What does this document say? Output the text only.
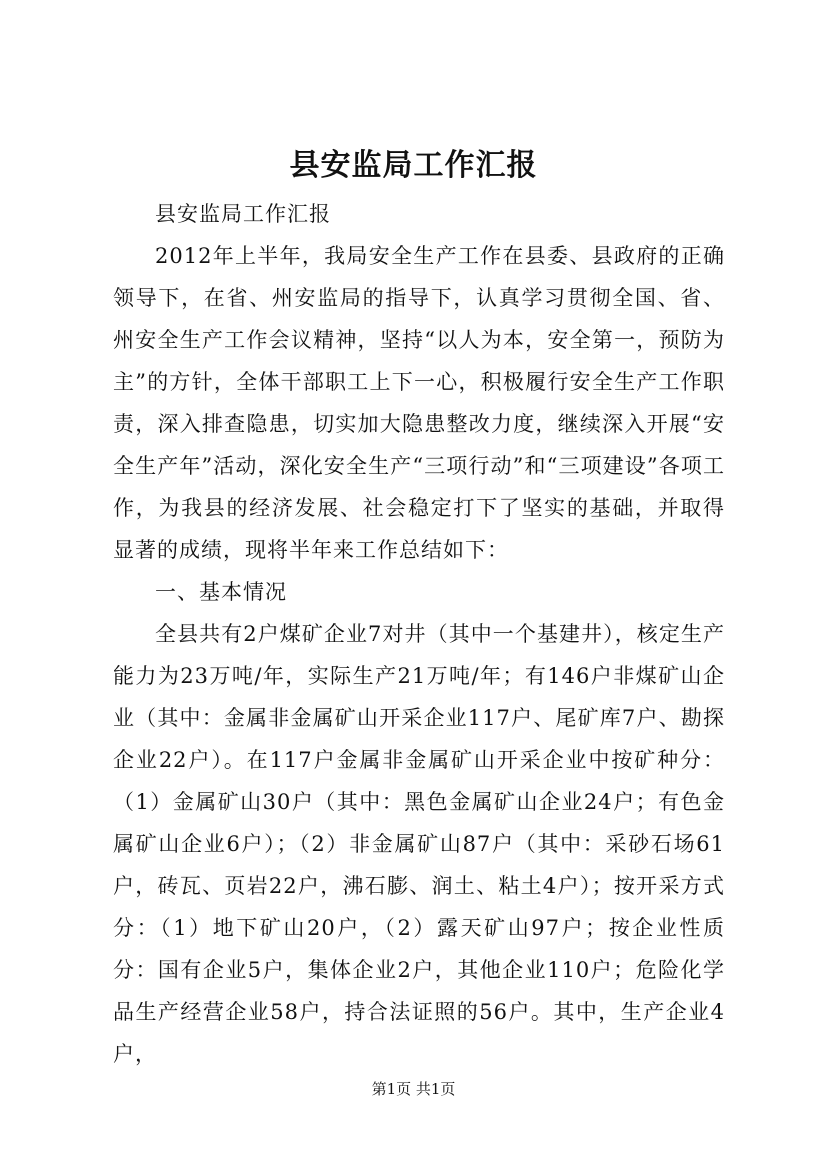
县安监局工作汇报

县安监局工作汇报

2012年上半年，我局安全生产工作在县委、县政府的正确领导下，在省、州安监局的指导下，认真学习贯彻全国、省、州安全生产工作会议精神，坚持“以人为本，安全第一，预防为主”的方针，全体干部职工上下一心，积极履行安全生产工作职责，深入排查隐患，切实加大隐患整改力度，继续深入开展“安全生产年”活动，深化安全生产“三项行动”和“三项建设”各项工作，为我县的经济发展、社会稳定打下了坚实的基础，并取得显著的成绩，现将半年来工作总结如下：

一、基本情况

全县共有2户煤矿企业7对井（其中一个基建井），核定生产能力为23万吨/年，实际生产21万吨/年；有146户非煤矿山企业（其中：金属非金属矿山开采企业117户、尾矿库7户、勘探企业22户）。在117户金属非金属矿山开采企业中按矿种分：（1）金属矿山30户（其中：黑色金属矿山企业24户；有色金属矿山企业6户）；（2）非金属矿山87户（其中：采砂石场61户，砖瓦、页岩22户，沸石膨、润土、粘土4户）；按开采方式分：（1）地下矿山20户，（2）露天矿山97户；按企业性质分：国有企业5户，集体企业2户，其他企业110户；危险化学品生产经营企业58户，持合法证照的56户。其中，生产企业4户，

第1页 共1页
